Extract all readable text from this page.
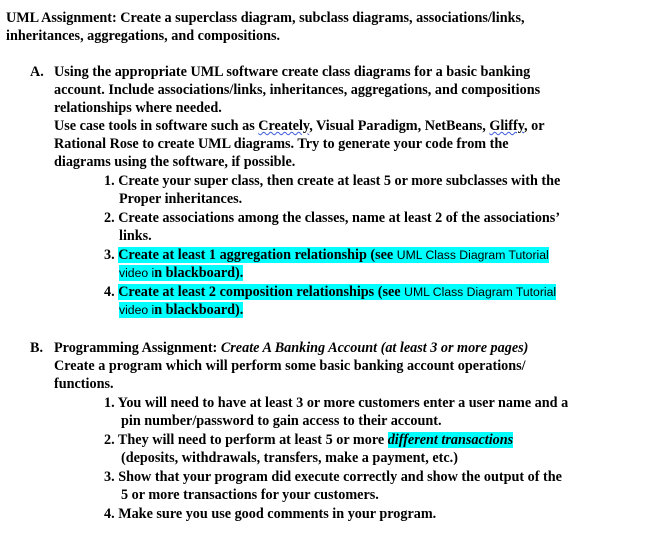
UML Assignment: Create a superclass diagram, subclass diagrams, associations/links,
inheritances, aggregations, and compositions.
A. Using the appropriate UML software create class diagrams for a basic banking
account. Include associations/links, inheritances, aggregations, and compositions
relationships where needed.
Use case tools in software such as Creately, Visual Paradigm, NetBeans, Gliffy, or
Rational Rose to create UML diagrams. Try to generate your code from the
diagrams using the software, if possible.
1. Create your super class, then create at least 5 or more subclasses with the
Proper inheritances.
2. Create associations among the classes, name at least 2 of the associations’
links.
3. Create at least 1 aggregation relationship (see UML Class Diagram Tutorial
video in blackboard).
4. Create at least 2 composition relationships (see UML Class Diagram Tutorial
video in blackboard).
B. Programming Assignment: Create A Banking Account (at least 3 or more pages)
Create a program which will perform some basic banking account operations/
functions.
1. You will need to have at least 3 or more customers enter a user name and a
pin number/password to gain access to their account.
2. They will need to perform at least 5 or more different transactions
(deposits, withdrawals, transfers, make a payment, etc.)
3. Show that your program did execute correctly and show the output of the
5 or more transactions for your customers.
4. Make sure you use good comments in your program.
